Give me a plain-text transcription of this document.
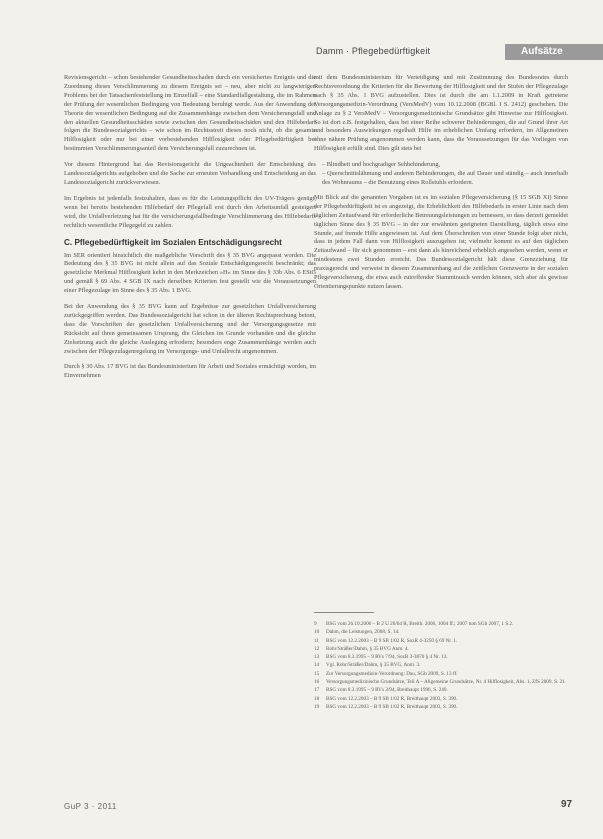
Damm · Pflegebedürftigkeit	Aufsätze

Revisionsgericht – schon bestehender Gesundheitsschaden durch ein versichertes Ereignis und die Zuordnung dieses Verschlimmerung zu diesem Ereignis sei – neu, aber nicht zu langwierigen Problems bei der Tatsachenfeststellung im Einzelfall – eine Standardfallgestaltung, die im Rahmen der Prüfung der wesentlichen Bedingung von Bedeutung beruhigt werde. Aus der Anwendung der Theorie der wesentlichen Bedingung auf die Zusammenhänge zwischen dem Versicherungsfall und den aktuellen Gesundheitsschäden sowie zwischen den Gesundheitsschäden und den Hilfebedarf folgen die Bundessozialgerichts – wie schon im Rechtsstreit dieses noch nicht, ob die gesamte Hilflosigkeit oder nur bei einer vorbestehenden Hilflosigkeit oder Pflegebedürftigkeit bei bestimmten Verschlimmerungsanteil dem Versicherungsfall zuzurechnen ist.

Vor diesem Hintergrund hat das Revisionsgericht die Ungeachtetheit der Entscheidung des Landessozialgerichts aufgehoben und die Sache zur erneuten Verhandlung und Entscheidung an das Landessozialgericht zurückverwiesen.

Im Ergebnis ist jedenfalls festzuhalten, dass es für die Leistungspflicht des UV-Trägers genügt, wenn bei bereits bestehenden Hilfebedarf der Pflegefall erst durch den Arbeitsunfall gesteigert wird, die Unfallverletzung hat für die versicherungsfallbedingte Verschlimmerung des Hilfebedarfs rechtlich wesentliche Pflegegeld zu zahlen.

C. Pflegebedürftigkeit im Sozialen Entschädigungsrecht

Im SER orientiert hinsichtlich die maßgebliche Vorschrift des § 35 BVG angepasst worden. Die Bedeutung des § 35 BVG ist nicht allein auf das Soziale Entschädigungsrecht beschränkt; das gesetzliche Merkmal Hilflosigkeit kehrt in den Merkzeichen »H« im Sinne des § 33b Abs. 6 EStG und gemäß § 69 Abs. 4 SGB IX nach derselben Kriterien fest gestellt wie die Voraussetzungen einer Pflegezulage im Sinne des § 35 Abs. 1 BVG.

Bei der Anwendung des § 35 BVG kann auf Ergebnisse zur gesetzlichen Unfallversicherung zurückgegriffen werden. Das Bundessozialgericht hat schon in der älteren Rechtsprechung betont, dass die Vorschriften der gesetzlichen Unfallversicherung und der Versorgungsgesetze mit Rücksicht auf ihren gemeinsamen Ursprung, die Gleichen im Grunde vorhanden und die gleiche Zielsetzung auch die gleiche Auslegung erfordern; besonders enge Zusammenhänge werden auch zwischen der Pflegezulagenregelung im Versorgungs- und Unfallrecht angenommen.

Durch § 30 Abs. 17 BVG ist das Bundesministerium für Arbeit und Soziales ermächtigt worden, im Einvernehmen

mit dem Bundesministerium für Verteidigung und mit Zustimmung des Bundesrates durch Rechtsverordnung die Kriterien für die Bewertung der Hilflosigkeit und der Stufen der Pflegezulage nach § 35 Abs. 1 BVG aufzustellen. Dies ist durch die am 1.1.2009 in Kraft getretene Versorgungsmedizin-Verordnung (VersMedV) vom 10.12.2008 (BGBl. I S. 2412) geschehen. Die Anlage zu § 2 VersMedV – Versorgungsmedizinische Grundsätze gibt Hinweise zur Hilflosigkeit. So ist dort z.B. festgehalten, dass bei einer Reihe schwerer Behinderungen, die auf Grund ihrer Art und besonders Auswirkungen regelhaft Hilfe im erheblichen Umfang erfordern, im Allgemeinen ohne nähere Prüfung angenommen werden kann, dass die Voraussetzungen für das Vorliegen von Hilflosigkeit erfüllt sind. Dies gilt stets bei

– Blindheit und hochgradiger Sehbehinderung,
– Querschnittslähmung und anderen Behinderungen, die auf Dauer und ständig – auch innerhalb des Wohnraums – die Benutzung eines Rollstuhls erfordern.

Mit Blick auf die genannten Vorgaben ist es im sozialen Pflegeversicherung (§ 15 SGB XI) Sinne der Pflegebedürftigkeit ist es angezeigt, die Erheblichkeit des Hilfebedarfs in erster Linie nach dem täglichen Zeitaufwand für erforderliche Betreuungsleistungen zu bemessen, so dass derzeit gemeldet täglichen Sinne des § 35 BVG – in der zur erwähnten geeigneten Darstellung, täglich etwa eine Stunde, auf fremde Hilfe angewiesen ist. Auf dem Überschreiten von einer Stunde folgt aber nicht, dass in jedem Fall dann von Hilflosigkeit auszugehen ist; vielmehr kommt es auf den täglichen Zeitaufwand – für sich genommen – erst dann als hinreichend erheblich angesehen werden, wenn er mindestens zwei Stunden erreicht. Das Bundessozialgericht hält diese Grenzziehung für praxisgerecht und verweist in diesem Zusammenhang auf die zeitlichen Grenzwerte in der sozialen Pflegeversicherung, die etwa auch zutreffender Stammtrauch werden können, sich aber als gewisse Orientierungspunkte nutzen lassen.

9 BSG vom 26.10.2006 – B 2 U 26/04 R, Breith. 2006, 1004 ff.; 2007 tum SGb 2007, 1 S.2.
10 Dahm, die Leistungen, 2008, S. 14.
11 BSG vom 12.2.2003 – B 9 SB 1/02 R, SozR 4-3250 § 69 Nr. 1.
12 Rohr/Sträßer/Dahm, § 35 BVG Anm. 4.
13 BSG vom 8.3.1995 – 9 RVs 7/94, SozR 3-3870 § 4 Nr. 13.
14 Vgl. Rohr/Sträßer/Dahm, § 35 BVG, Anm. 3.
15 Zur Versorgungsmedizin-Verordnung: Dau, SGb 2009, S. 13 ff.
16 Versorgungsmedizinische Grundsätze, Teil A – Allgemeine Grundsätze, Nr. 4 Hilflosigkeit, Abs. 1, ZfS 2009, S. 21.
17 BSG vom 8.3.1995 – 9 RVs 3/94, Breithaupt 1996, S. 240.
18 BSG vom 12.2.2003 – B 9 SB 1/02 R, Breithaupt 2003, S. 390.
19 BSG vom 12.2.2003 – B 9 SB 1/02 R, Breithaupt 2003, S. 390.
GuP 3 · 2011	97
